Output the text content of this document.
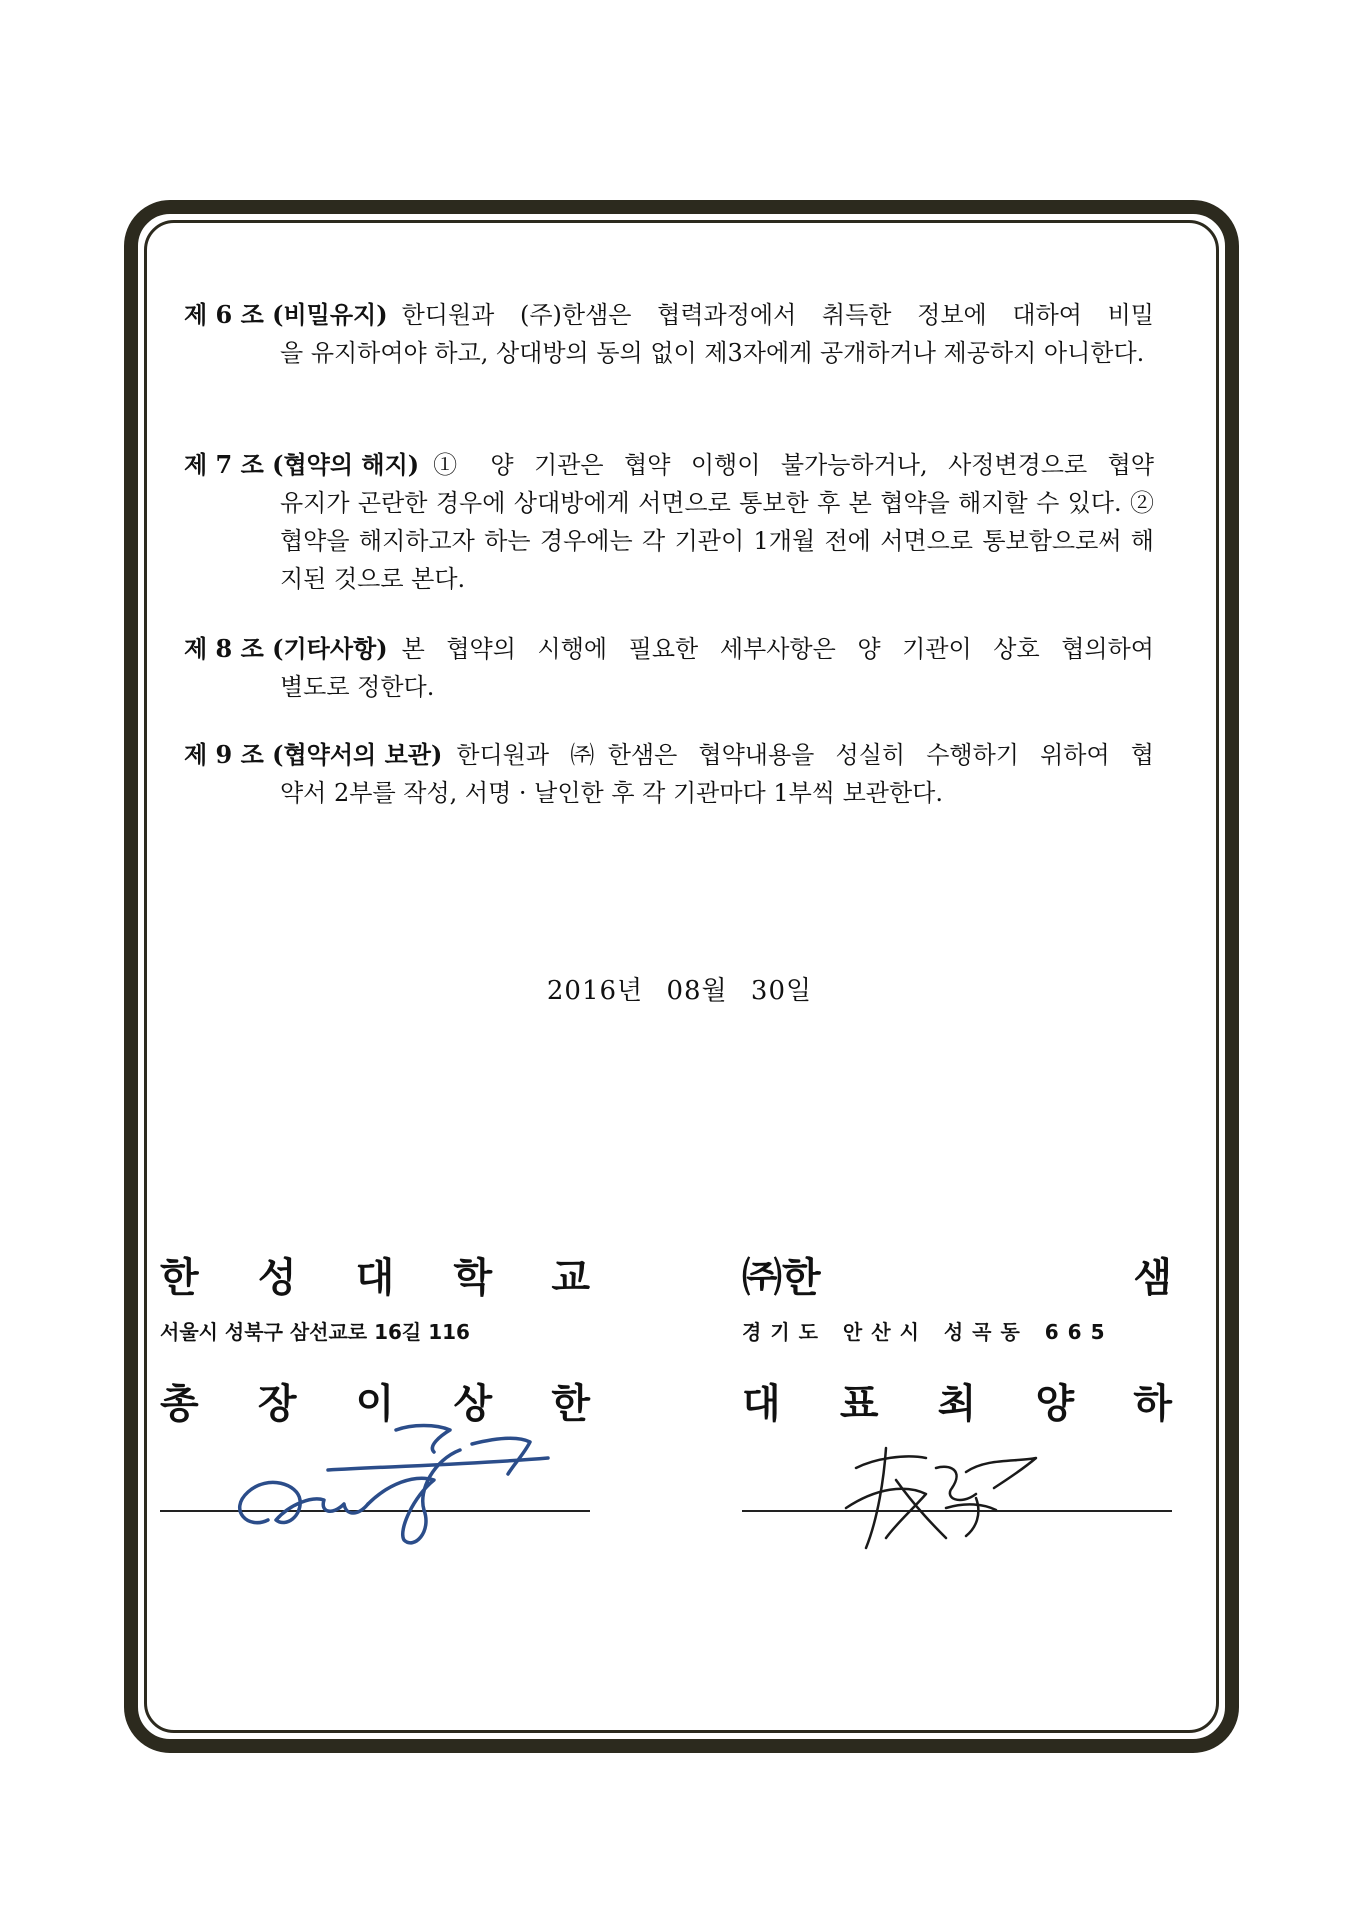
제 6 조 (비밀유지) 한디원과 (주)한샘은 협력과정에서 취득한 정보에 대하여 비밀
을 유지하여야 하고, 상대방의 동의 없이 제3자에게 공개하거나 제공하지 아니한다.
제 7 조 (협약의 해지) ① 양 기관은 협약 이행이 불가능하거나, 사정변경으로 협약
유지가 곤란한 경우에 상대방에게 서면으로 통보한 후 본 협약을 해지할 수 있다. ② 협약을 해지하고자 하는 경우에는 각 기관이 1개월 전에 서면으로 통보함으로써 해지된 것으로 본다.
제 8 조 (기타사항) 본 협약의 시행에 필요한 세부사항은 양 기관이 상호 협의하여
별도로 정한다.
제 9 조 (협약서의 보관) 한디원과 ㈜한샘은 협약내용을 성실히 수행하기 위하여 협
약서 2부를 작성, 서명 · 날인한 후 각 기관마다 1부씩 보관한다.
2016년 08월 30일
한 성 대 학 교
서울시 성북구 삼선교로 16길 116
총 장 이 상 한
㈜한	샘
경기도 안산시 성곡동 665
대 표 최 양 하
